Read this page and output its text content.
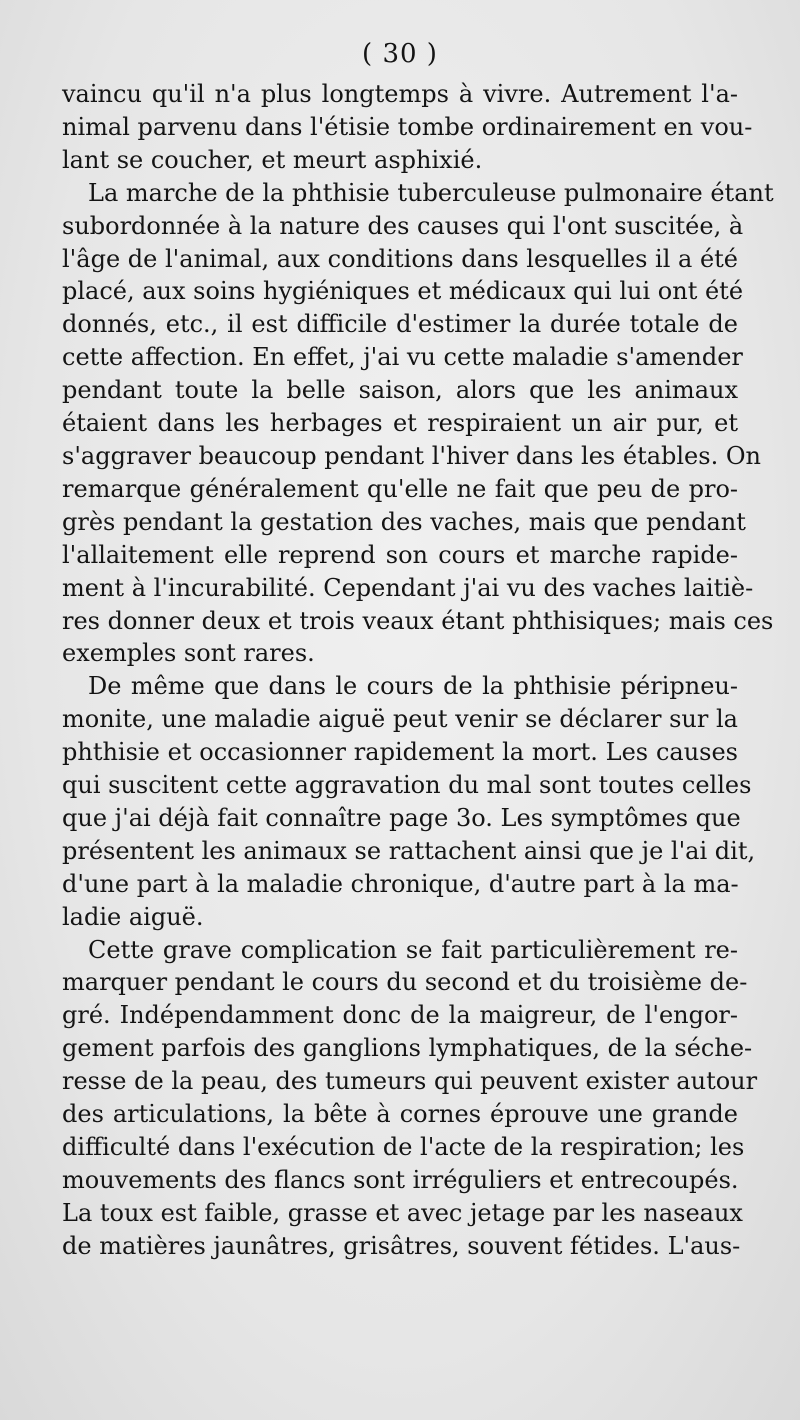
( 30 )
vaincu qu'il n'a plus longtemps à vivre. Autrement l'a-
nimal parvenu dans l'étisie tombe ordinairement en vou-
lant se coucher, et meurt asphixié.
La marche de la phthisie tuberculeuse pulmonaire étant
subordonnée à la nature des causes qui l'ont suscitée, à
l'âge de l'animal, aux conditions dans lesquelles il a été
placé, aux soins hygiéniques et médicaux qui lui ont été
donnés, etc., il est difficile d'estimer la durée totale de
cette affection. En effet, j'ai vu cette maladie s'amender
pendant toute la belle saison, alors que les animaux
étaient dans les herbages et respiraient un air pur, et
s'aggraver beaucoup pendant l'hiver dans les étables. On
remarque généralement qu'elle ne fait que peu de pro-
grès pendant la gestation des vaches, mais que pendant
l'allaitement elle reprend son cours et marche rapide-
ment à l'incurabilité. Cependant j'ai vu des vaches laitiè-
res donner deux et trois veaux étant phthisiques; mais ces
exemples sont rares.
De même que dans le cours de la phthisie péripneu-
monite, une maladie aiguë peut venir se déclarer sur la
phthisie et occasionner rapidement la mort. Les causes
qui suscitent cette aggravation du mal sont toutes celles
que j'ai déjà fait connaître page 3o. Les symptômes que
présentent les animaux se rattachent ainsi que je l'ai dit,
d'une part à la maladie chronique, d'autre part à la ma-
ladie aiguë.
Cette grave complication se fait particulièrement re-
marquer pendant le cours du second et du troisième de-
gré. Indépendamment donc de la maigreur, de l'engor-
gement parfois des ganglions lymphatiques, de la séche-
resse de la peau, des tumeurs qui peuvent exister autour
des articulations, la bête à cornes éprouve une grande
difficulté dans l'exécution de l'acte de la respiration; les
mouvements des flancs sont irréguliers et entrecoupés.
La toux est faible, grasse et avec jetage par les naseaux
de matières jaunâtres, grisâtres, souvent fétides. L'aus-
